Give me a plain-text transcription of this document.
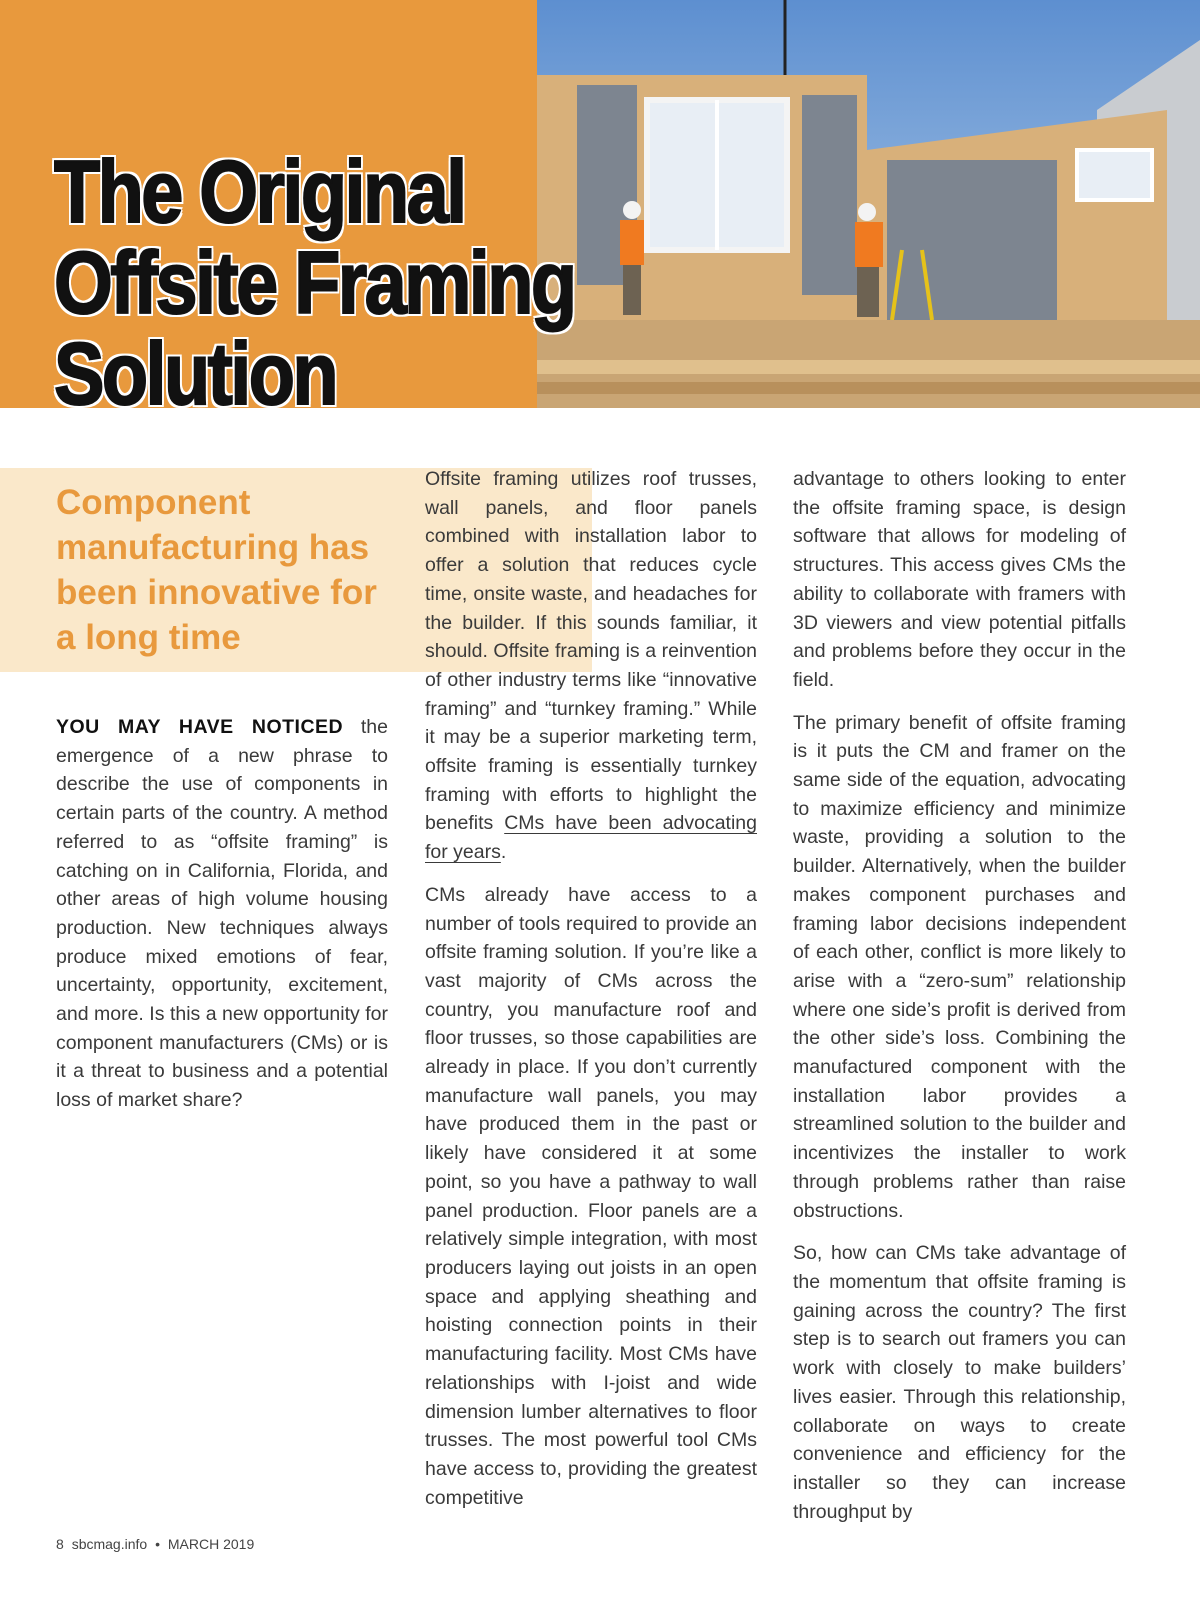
The Original
Offsite Framing
Solution
Component manufacturing has been innovative for a long time

YOU MAY HAVE NOTICED the emergence of a new phrase to describe the use of components in certain parts of the country. A method referred to as “offsite framing” is catching on in California, Florida, and other areas of high volume housing production. New techniques always produce mixed emotions of fear, uncertainty, opportunity, excitement, and more. Is this a new opportunity for component manufacturers (CMs) or is it a threat to business and a potential loss of market share?

Offsite framing utilizes roof trusses, wall panels, and floor panels combined with installation labor to offer a solution that reduces cycle time, onsite waste, and headaches for the builder. If this sounds familiar, it should. Offsite framing is a reinvention of other industry terms like “innovative framing” and “turnkey framing.” While it may be a superior marketing term, offsite framing is essentially turnkey framing with efforts to highlight the benefits CMs have been advocating for years.

CMs already have access to a number of tools required to provide an offsite framing solution. If you’re like a vast majority of CMs across the country, you manufacture roof and floor trusses, so those capabilities are already in place. If you don’t currently manufacture wall panels, you may have produced them in the past or likely have considered it at some point, so you have a pathway to wall panel production. Floor panels are a relatively simple integration, with most producers laying out joists in an open space and applying sheathing and hoisting connection points in their manufacturing facility. Most CMs have relationships with I-joist and wide dimension lumber alternatives to floor trusses. The most powerful tool CMs have access to, providing the greatest competitive

advantage to others looking to enter the offsite framing space, is design software that allows for modeling of structures. This access gives CMs the ability to collaborate with framers with 3D viewers and view potential pitfalls and problems before they occur in the field.

The primary benefit of offsite framing is it puts the CM and framer on the same side of the equation, advocating to maximize efficiency and minimize waste, providing a solution to the builder. Alternatively, when the builder makes component purchases and framing labor decisions independent of each other, conflict is more likely to arise with a “zero-sum” relationship where one side’s profit is derived from the other side’s loss. Combining the manufactured component with the installation labor provides a streamlined solution to the builder and incentivizes the installer to work through problems rather than raise obstructions.

So, how can CMs take advantage of the momentum that offsite framing is gaining across the country? The first step is to search out framers you can work with closely to make builders’ lives easier. Through this relationship, collaborate on ways to create convenience and efficiency for the installer so they can increase throughput by

8 sbcmag.info • MARCH 2019
